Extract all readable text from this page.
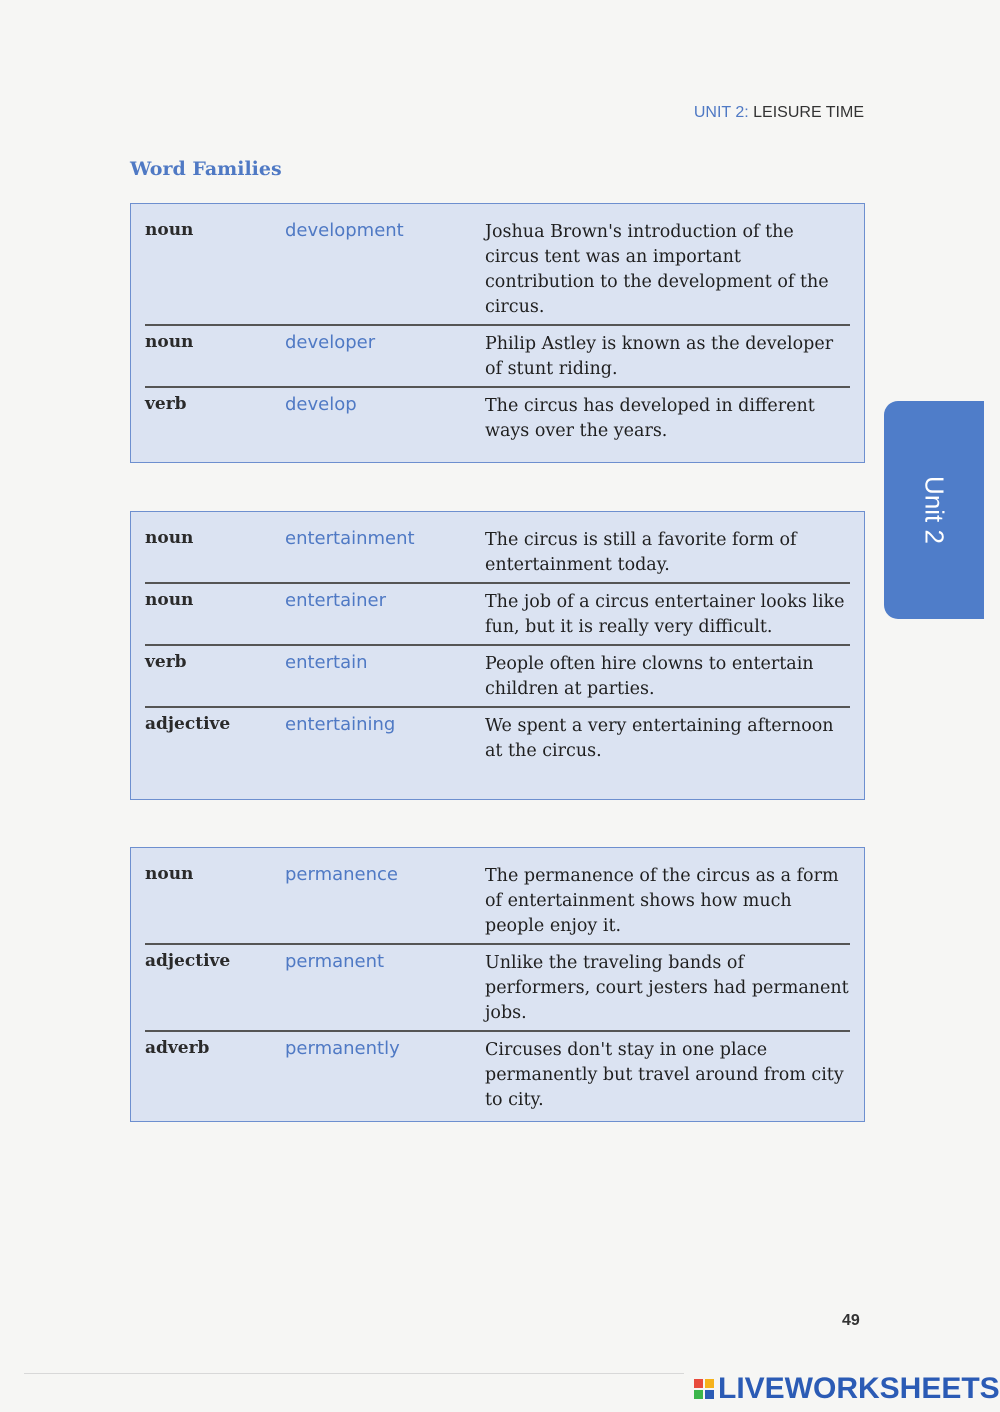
UNIT 2: LEISURE TIME
Word Families
noun	development	Joshua Brown's introduction of the circus tent was an important contribution to the development of the circus.
noun	developer	Philip Astley is known as the developer of stunt riding.
verb	develop	The circus has developed in different ways over the years.
noun	entertainment	The circus is still a favorite form of entertainment today.
noun	entertainer	The job of a circus entertainer looks like fun, but it is really very difficult.
verb	entertain	People often hire clowns to entertain children at parties.
adjective	entertaining	We spent a very entertaining afternoon at the circus.
noun	permanence	The permanence of the circus as a form of entertainment shows how much people enjoy it.
adjective	permanent	Unlike the traveling bands of performers, court jesters had permanent jobs.
adverb	permanently	Circuses don't stay in one place permanently but travel around from city to city.
Unit 2
49
LIVEWORKSHEETS
